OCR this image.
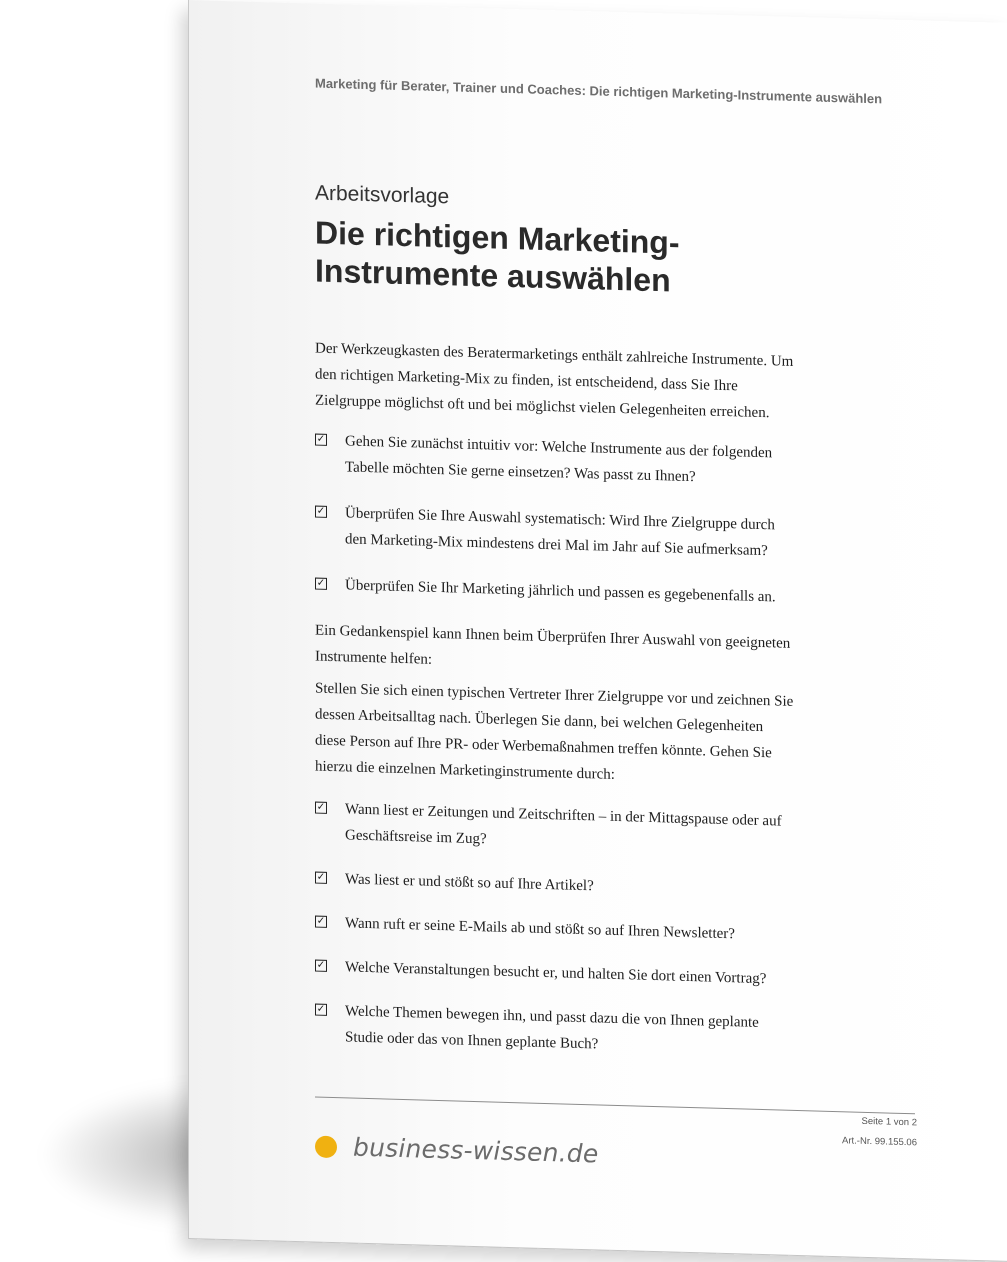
Marketing für Berater, Trainer und Coaches: Die richtigen Marketing-Instrumente auswählen
Arbeitsvorlage
Die richtigen Marketing-
Instrumente auswählen

Der Werkzeugkasten des Beratermarketings enthält zahlreiche Instrumente. Um den richtigen Marketing-Mix zu finden, ist entscheidend, dass Sie Ihre Zielgruppe möglichst oft und bei möglichst vielen Gelegenheiten erreichen.

✓ Gehen Sie zunächst intuitiv vor: Welche Instrumente aus der folgenden Tabelle möchten Sie gerne einsetzen? Was passt zu Ihnen?
✓ Überprüfen Sie Ihre Auswahl systematisch: Wird Ihre Zielgruppe durch den Marketing-Mix mindestens drei Mal im Jahr auf Sie aufmerksam?
✓ Überprüfen Sie Ihr Marketing jährlich und passen es gegebenenfalls an.

Ein Gedankenspiel kann Ihnen beim Überprüfen Ihrer Auswahl von geeigneten Instrumente helfen:

Stellen Sie sich einen typischen Vertreter Ihrer Zielgruppe vor und zeichnen Sie dessen Arbeitsalltag nach. Überlegen Sie dann, bei welchen Gelegenheiten diese Person auf Ihre PR- oder Werbemaßnahmen treffen könnte. Gehen Sie hierzu die einzelnen Marketinginstrumente durch:

✓ Wann liest er Zeitungen und Zeitschriften – in der Mittagspause oder auf Geschäftsreise im Zug?
✓ Was liest er und stößt so auf Ihre Artikel?
✓ Wann ruft er seine E-Mails ab und stößt so auf Ihren Newsletter?
✓ Welche Veranstaltungen besucht er, und halten Sie dort einen Vortrag?
✓ Welche Themen bewegen ihn, und passt dazu die von Ihnen geplante Studie oder das von Ihnen geplante Buch?
Seite 1 von 2
Art.-Nr. 99.155.06
business-wissen.de
